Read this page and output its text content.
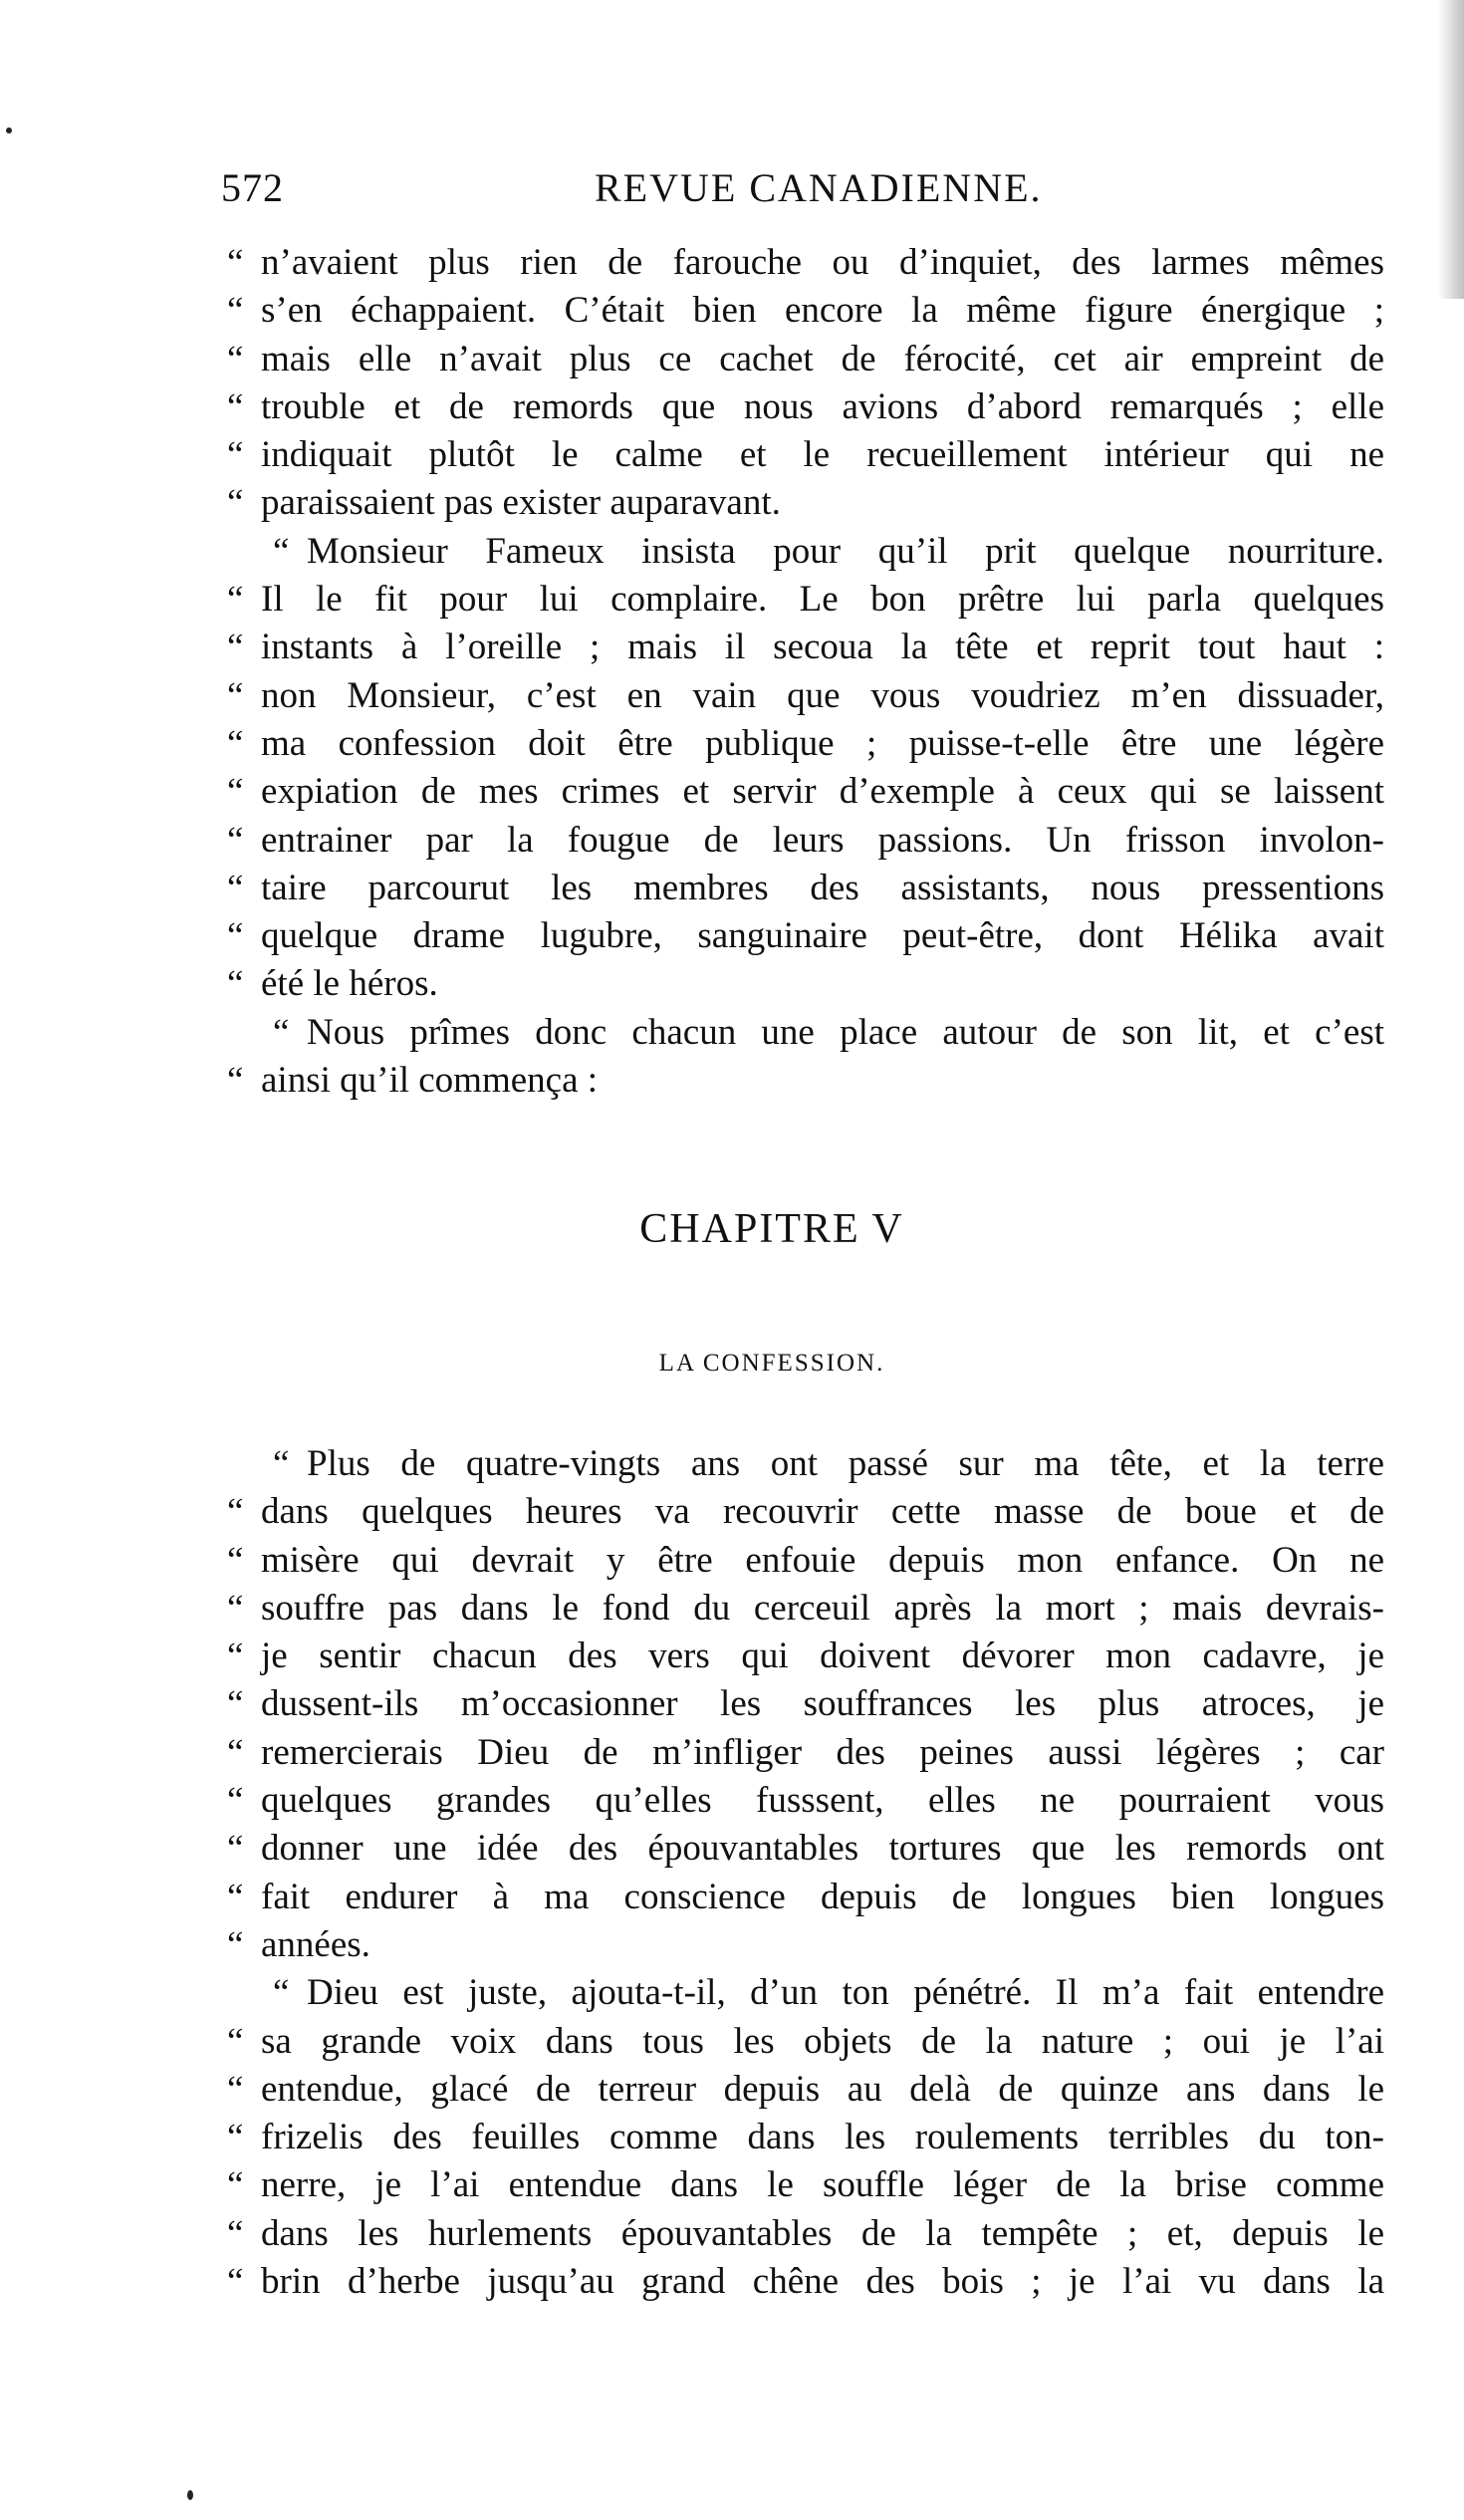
572	REVUE CANADIENNE.
“ n’avaient plus rien de farouche ou d’inquiet, des larmes mêmes
“ s’en échappaient. C’était bien encore la même figure énergique ;
“ mais elle n’avait plus ce cachet de férocité, cet air empreint de
“ trouble et de remords que nous avions d’abord remarqués ; elle
“ indiquait plutôt le calme et le recueillement intérieur qui ne
“ paraissaient pas exister auparavant.
“ Monsieur Fameux insista pour qu’il prit quelque nourriture.
“ Il le fit pour lui complaire. Le bon prêtre lui parla quelques
“ instants à l’oreille ; mais il secoua la tête et reprit tout haut :
“ non Monsieur, c’est en vain que vous voudriez m’en dissuader,
“ ma confession doit être publique ; puisse-t-elle être une légère
“ expiation de mes crimes et servir d’exemple à ceux qui se laissent
“ entrainer par la fougue de leurs passions. Un frisson involon-
“ taire parcourut les membres des assistants, nous pressentions
“ quelque drame lugubre, sanguinaire peut-être, dont Hélika avait
“ été le héros.
“ Nous prîmes donc chacun une place autour de son lit, et c’est
“ ainsi qu’il commença :
CHAPITRE V
LA CONFESSION.
“ Plus de quatre-vingts ans ont passé sur ma tête, et la terre
“ dans quelques heures va recouvrir cette masse de boue et de
“ misère qui devrait y être enfouie depuis mon enfance. On ne
“ souffre pas dans le fond du cerceuil après la mort ; mais devrais-
“ je sentir chacun des vers qui doivent dévorer mon cadavre, je
“ dussent-ils m’occasionner les souffrances les plus atroces, je
“ remercierais Dieu de m’infliger des peines aussi légères ; car
“ quelques grandes qu’elles fusssent, elles ne pourraient vous
“ donner une idée des épouvantables tortures que les remords ont
“ fait endurer à ma conscience depuis de longues bien longues
“ années.
“ Dieu est juste, ajouta-t-il, d’un ton pénétré. Il m’a fait entendre
“ sa grande voix dans tous les objets de la nature ; oui je l’ai
“ entendue, glacé de terreur depuis au delà de quinze ans dans le
“ frizelis des feuilles comme dans les roulements terribles du ton-
“ nerre, je l’ai entendue dans le souffle léger de la brise comme
“ dans les hurlements épouvantables de la tempête ; et, depuis le
“ brin d’herbe jusqu’au grand chêne des bois ; je l’ai vu dans la
